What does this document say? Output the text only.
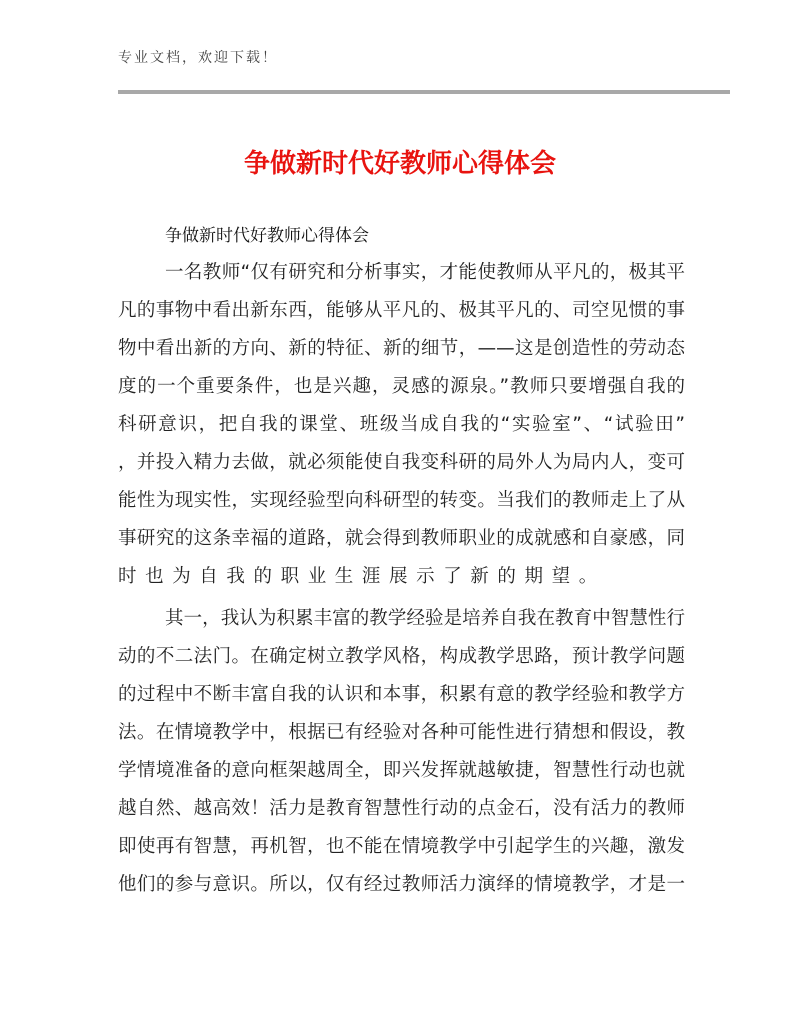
专业文档，欢迎下载！
争做新时代好教师心得体会
争做新时代好教师心得体会
一名教师“仅有研究和分析事实，才能使教师从平凡的，极其平
凡的事物中看出新东西，能够从平凡的、极其平凡的、司空见惯的事
物中看出新的方向、新的特征、新的细节，——这是创造性的劳动态
度的一个重要条件，也是兴趣，灵感的源泉。”教师只要增强自我的
科研意识，把自我的课堂、班级当成自我的“实验室”、“试验田”
，并投入精力去做，就必须能使自我变科研的局外人为局内人，变可
能性为现实性，实现经验型向科研型的转变。当我们的教师走上了从
事研究的这条幸福的道路，就会得到教师职业的成就感和自豪感，同
时也为自我的职业生涯展示了新的期望。
其一，我认为积累丰富的教学经验是培养自我在教育中智慧性行
动的不二法门。在确定树立教学风格，构成教学思路，预计教学问题
的过程中不断丰富自我的认识和本事，积累有意的教学经验和教学方
法。在情境教学中，根据已有经验对各种可能性进行猜想和假设，教
学情境准备的意向框架越周全，即兴发挥就越敏捷，智慧性行动也就
越自然、越高效！活力是教育智慧性行动的点金石，没有活力的教师
即使再有智慧，再机智，也不能在情境教学中引起学生的兴趣，激发
他们的参与意识。所以，仅有经过教师活力演绎的情境教学，才是一
